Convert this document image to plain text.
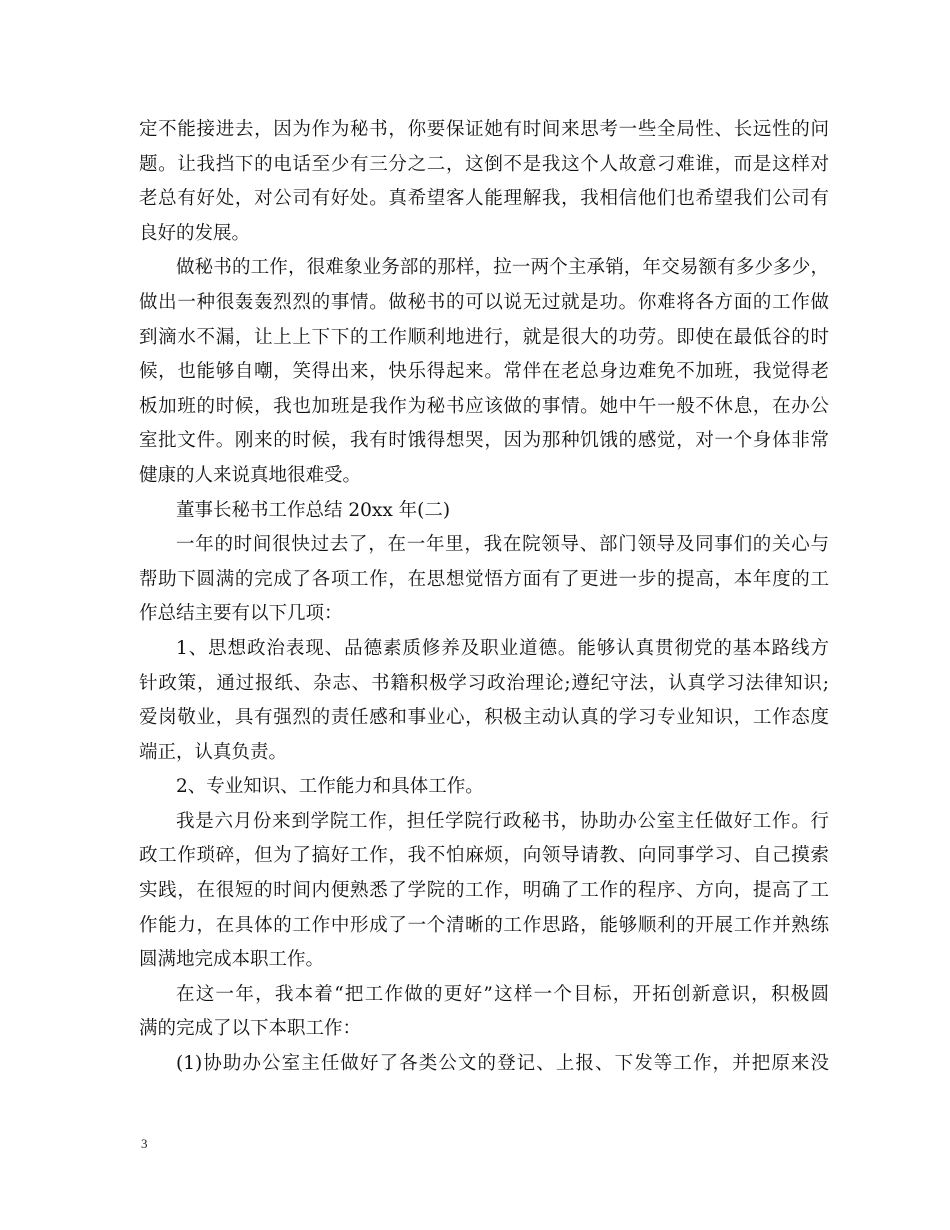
定不能接进去，因为作为秘书，你要保证她有时间来思考一些全局性、长远性的问
题。让我挡下的电话至少有三分之二，这倒不是我这个人故意刁难谁，而是这样对
老总有好处，对公司有好处。真希望客人能理解我，我相信他们也希望我们公司有
良好的发展。
做秘书的工作，很难象业务部的那样，拉一两个主承销，年交易额有多少多少，
做出一种很轰轰烈烈的事情。做秘书的可以说无过就是功。你难将各方面的工作做
到滴水不漏，让上上下下的工作顺利地进行，就是很大的功劳。即使在最低谷的时
候，也能够自嘲，笑得出来，快乐得起来。常伴在老总身边难免不加班，我觉得老
板加班的时候，我也加班是我作为秘书应该做的事情。她中午一般不休息，在办公
室批文件。刚来的时候，我有时饿得想哭，因为那种饥饿的感觉，对一个身体非常
健康的人来说真地很难受。
董事长秘书工作总结 20xx 年(二)
一年的时间很快过去了，在一年里，我在院领导、部门领导及同事们的关心与
帮助下圆满的完成了各项工作，在思想觉悟方面有了更进一步的提高，本年度的工
作总结主要有以下几项：
1、思想政治表现、品德素质修养及职业道德。能够认真贯彻党的基本路线方
针政策，通过报纸、杂志、书籍积极学习政治理论;遵纪守法，认真学习法律知识;
爱岗敬业，具有强烈的责任感和事业心，积极主动认真的学习专业知识，工作态度
端正，认真负责。
2、专业知识、工作能力和具体工作。
我是六月份来到学院工作，担任学院行政秘书，协助办公室主任做好工作。行
政工作琐碎，但为了搞好工作，我不怕麻烦，向领导请教、向同事学习、自己摸索
实践，在很短的时间内便熟悉了学院的工作，明确了工作的程序、方向，提高了工
作能力，在具体的工作中形成了一个清晰的工作思路，能够顺利的开展工作并熟练
圆满地完成本职工作。
在这一年，我本着“把工作做的更好”这样一个目标，开拓创新意识，积极圆
满的完成了以下本职工作：
(1)协助办公室主任做好了各类公文的登记、上报、下发等工作，并把原来没
3
